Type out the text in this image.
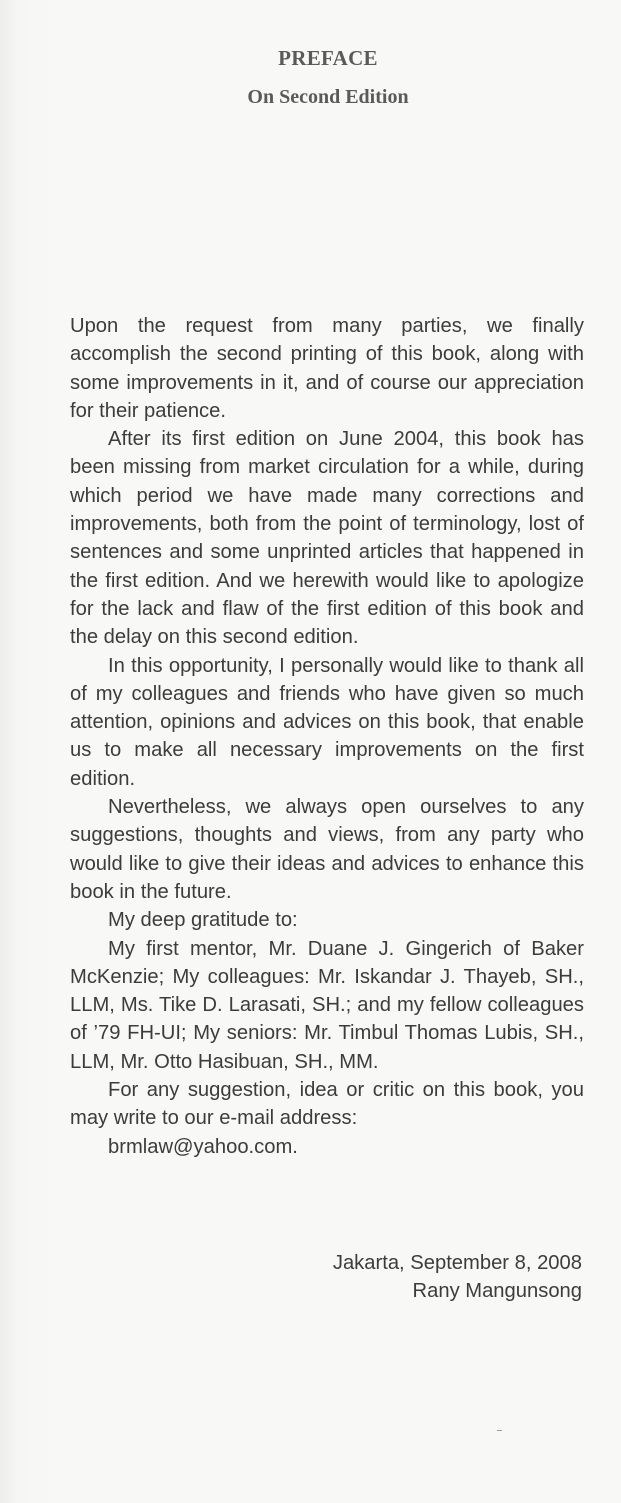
PREFACE
On Second Edition

Upon the request from many parties, we finally accomplish the second printing of this book, along with some improvements in it, and of course our appreciation for their patience.

After its first edition on June 2004, this book has been missing from market circulation for a while, during which period we have made many corrections and improvements, both from the point of terminology, lost of sentences and some unprinted articles that happened in the first edition. And we herewith would like to apologize for the lack and flaw of the first edition of this book and the delay on this second edition.

In this opportunity, I personally would like to thank all of my colleagues and friends who have given so much attention, opinions and advices on this book, that enable us to make all necessary improvements on the first edition.

Nevertheless, we always open ourselves to any suggestions, thoughts and views, from any party who would like to give their ideas and advices to enhance this book in the future.

My deep gratitude to:

My first mentor, Mr. Duane J. Gingerich of Baker McKenzie; My colleagues: Mr. Iskandar J. Thayeb, SH., LLM, Ms. Tike D. Larasati, SH.; and my fellow colleagues of ’79 FH-UI; My seniors: Mr. Timbul Thomas Lubis, SH., LLM, Mr. Otto Hasibuan, SH., MM.

For any suggestion, idea or critic on this book, you may write to our e-mail address:

brmlaw@yahoo.com.

Jakarta, September 8, 2008
Rany Mangunsong
